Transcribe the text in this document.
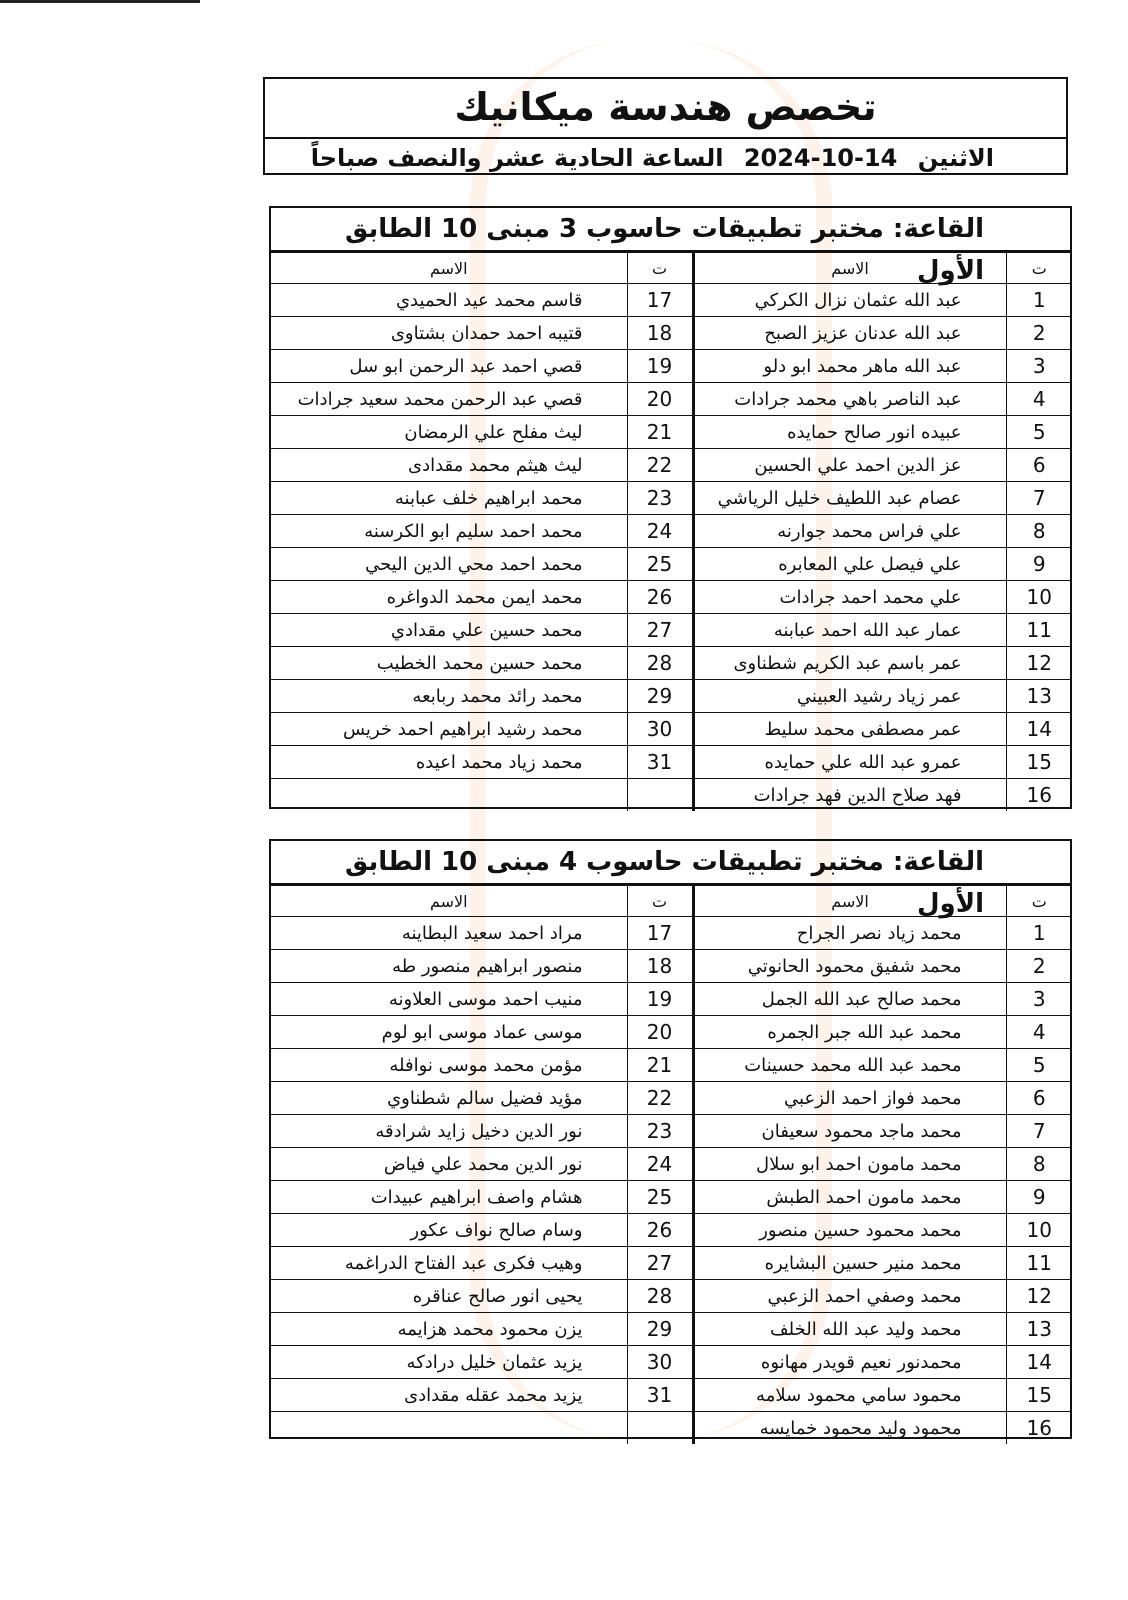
تخصص هندسة ميكانيك
الاثنين 2024-10-14 الساعة الحادية عشر والنصف صباحاً
القاعة: مختبر تطبيقات حاسوب 3 مبنى 10 الطابق الأول	ت	الاسم	ت	الاسم
1	عبد الله عثمان نزال الكركي	17	قاسم محمد عيد الحميدي
2	عبد الله عدنان عزيز الصبح	18	قتيبه احمد حمدان بشتاوى
3	عبد الله ماهر محمد ابو دلو	19	قصي احمد عبد الرحمن ابو سل
4	عبد الناصر باهي محمد جرادات	20	قصي عبد الرحمن محمد سعيد جرادات
5	عبيده انور صالح حمايده	21	ليث مفلح علي الرمضان
6	عز الدين احمد علي الحسين	22	ليث هيثم محمد مقدادى
7	عصام عبد اللطيف خليل الرياشي	23	محمد ابراهيم خلف عبابنه
8	علي فراس محمد جوارنه	24	محمد احمد سليم ابو الكرسنه
9	علي فيصل علي المعابره	25	محمد احمد محي الدين اليحي
10	علي محمد احمد جرادات	26	محمد ايمن محمد الدواغره
11	عمار عبد الله احمد عبابنه	27	محمد حسين علي مقدادي
12	عمر باسم عبد الكريم شطناوى	28	محمد حسين محمد الخطيب
13	عمر زياد رشيد العبيني	29	محمد رائد محمد ربابعه
14	عمر مصطفى محمد سليط	30	محمد رشيد ابراهيم احمد خريس
15	عمرو عبد الله علي حمايده	31	محمد زياد محمد اعيده
16	فهد صلاح الدين فهد جرادات		
القاعة: مختبر تطبيقات حاسوب 4 مبنى 10 الطابق الأول	ت	الاسم	ت	الاسم
1	محمد زياد نصر الجراح	17	مراد احمد سعيد البطاينه
2	محمد شفيق محمود الحانوتي	18	منصور ابراهيم منصور طه
3	محمد صالح عبد الله الجمل	19	منيب احمد موسى العلاونه
4	محمد عبد الله جبر الجمره	20	موسى عماد موسى ابو لوم
5	محمد عبد الله محمد حسينات	21	مؤمن محمد موسى نوافله
6	محمد فواز احمد الزعبي	22	مؤيد فضيل سالم شطناوي
7	محمد ماجد محمود سعيفان	23	نور الدين دخيل زايد شرادقه
8	محمد مامون احمد ابو سلال	24	نور الدين محمد علي فياض
9	محمد مامون احمد الطبش	25	هشام واصف ابراهيم عبيدات
10	محمد محمود حسين منصور	26	وسام صالح نواف عكور
11	محمد منير حسين البشايره	27	وهيب فكرى عبد الفتاح الدراغمه
12	محمد وصفي احمد الزعبي	28	يحيى انور صالح عناقره
13	محمد وليد عبد الله الخلف	29	يزن محمود محمد هزايمه
14	محمدنور نعيم قويدر مهانوه	30	يزيد عثمان خليل درادكه
15	محمود سامي محمود سلامه	31	يزيد محمد عقله مقدادى
16	محمود وليد محمود خمايسه		
